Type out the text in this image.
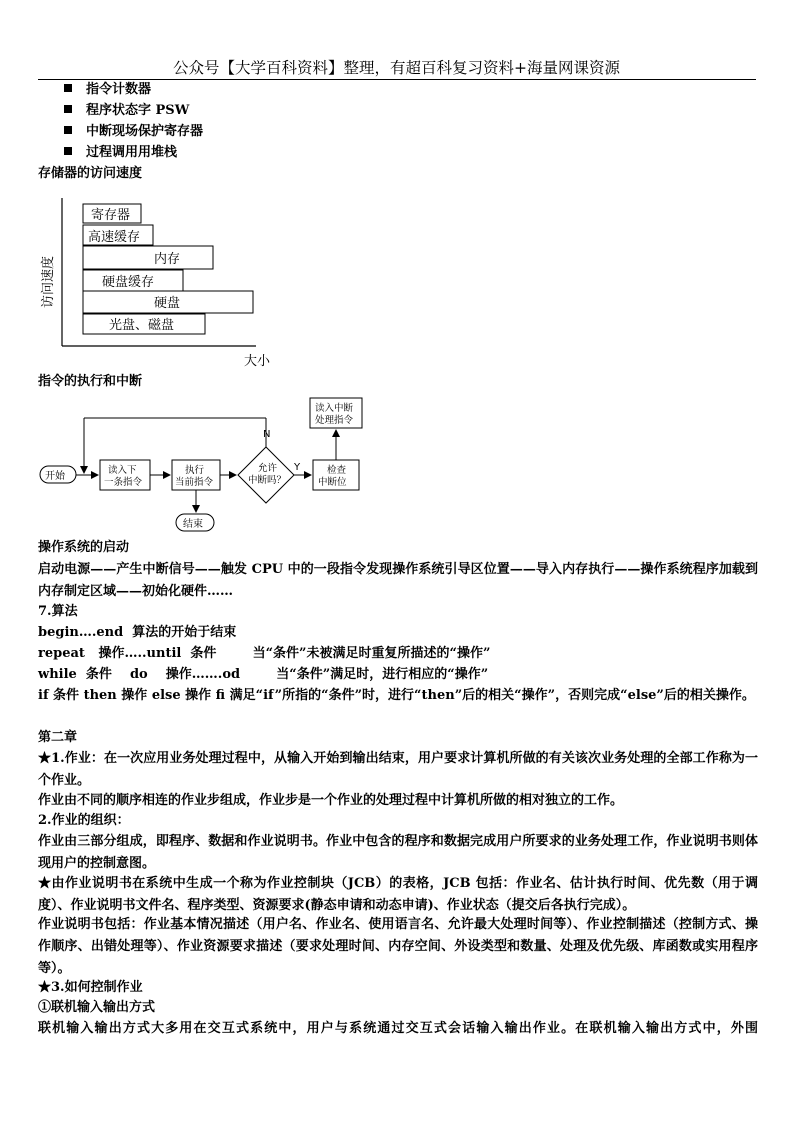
公众号【大学百科资料】整理，有超百科复习资料+海量网课资源
指令计数器
程序状态字 PSW
中断现场保护寄存器
过程调用用堆栈
存储器的访问速度
访问速度
大小
寄存器
高速缓存
内存
硬盘缓存
硬盘
光盘、磁盘
指令的执行和中断
开始
读入下
一条指令
执行
当前指令
允许
中断吗？
N
Y	检查
中断位
读入中断
处理指令
结束
操作系统的启动
启动电源——产生中断信号——触发 CPU 中的一段指令发现操作系统引导区位置——导入内存执行——操作系统程序加载到内存制定区域——初始化硬件……
7.算法
begin….end  算法的开始于结束
repeat   操作…..until  条件        当“条件”未被满足时重复所描述的“操作”
while  条件    do    操作…….od        当“条件”满足时，进行相应的“操作”
if 条件 then 操作 else 操作 fi 满足“if”所指的“条件”时，进行“then”后的相关“操作”，否则完成“else”后的相关操作。
第二章
★1.作业：在一次应用业务处理过程中，从输入开始到输出结束，用户要求计算机所做的有关该次业务处理的全部工作称为一个作业。
作业由不同的顺序相连的作业步组成，作业步是一个作业的处理过程中计算机所做的相对独立的工作。
2.作业的组织：
作业由三部分组成，即程序、数据和作业说明书。作业中包含的程序和数据完成用户所要求的业务处理工作，作业说明书则体现用户的控制意图。
★由作业说明书在系统中生成一个称为作业控制块（JCB）的表格，JCB 包括：作业名、估计执行时间、优先数（用于调度）、作业说明书文件名、程序类型、资源要求(静态申请和动态申请)、作业状态（提交后各执行完成）。
作业说明书包括：作业基本情况描述（用户名、作业名、使用语言名、允许最大处理时间等）、作业控制描述（控制方式、操作顺序、出错处理等）、作业资源要求描述（要求处理时间、内存空间、外设类型和数量、处理及优先级、库函数或实用程序等）。
★3.如何控制作业
①联机输入输出方式
联机输入输出方式大多用在交互式系统中，用户与系统通过交互式会话输入输出作业。在联机输入输出方式中，外围
